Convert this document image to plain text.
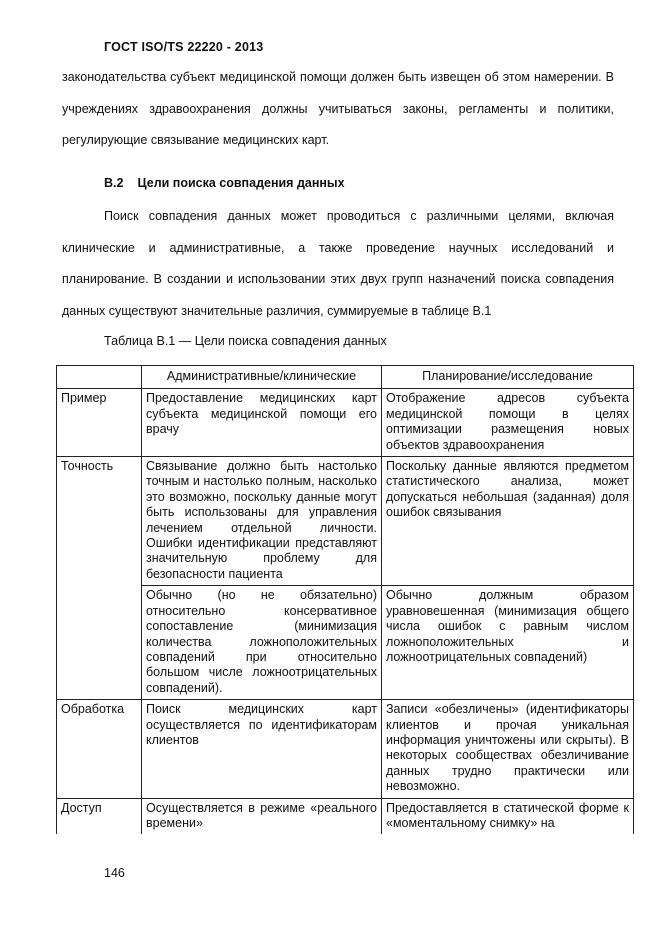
ГОСТ ISO/TS 22220 - 2013

законодательства субъект медицинской помощи должен быть извещен об этом намерении. В учреждениях здравоохранения должны учитываться законы, регламенты и политики, регулирующие связывание медицинских карт.

В.2 Цели поиска совпадения данных

Поиск совпадения данных может проводиться с различными целями, включая клинические и административные, а также проведение научных исследований и планирование. В создании и использовании этих двух групп назначений поиска совпадения данных существуют значительные различия, суммируемые в таблице В.1

Таблица В.1 — Цели поиска совпадения данных
	Административные/клинические	Планирование/исследование
Пример	Предоставление медицинских карт субъекта медицинской помощи его врачу	Отображение адресов субъекта медицинской помощи в целях оптимизации размещения новых объектов здравоохранения
Точность	Связывание должно быть настолько точным и настолько полным, насколько это возможно, поскольку данные могут быть использованы для управления лечением отдельной личности. Ошибки идентификации представляют значительную проблему для безопасности пациента	Поскольку данные являются предметом статистического анализа, может допускаться небольшая (заданная) доля ошибок связывания
	Обычно (но не обязательно) относительно консервативное сопоставление (минимизация количества ложноположительных совпадений при относительно большом числе ложноотрицательных совпадений).	Обычно должным образом уравновешенная (минимизация общего числа ошибок с равным числом ложноположительных и ложноотрицательных совпадений)
Обработка	Поиск медицинских карт осуществляется по идентификаторам клиентов	Записи «обезличены» (идентификаторы клиентов и прочая уникальная информация уничтожены или скрыты). В некоторых сообществах обезличивание данных трудно практически или невозможно.
Доступ	Осуществляется в режиме «реального времени»	Предоставляется в статической форме к «моментальному снимку» на
146
